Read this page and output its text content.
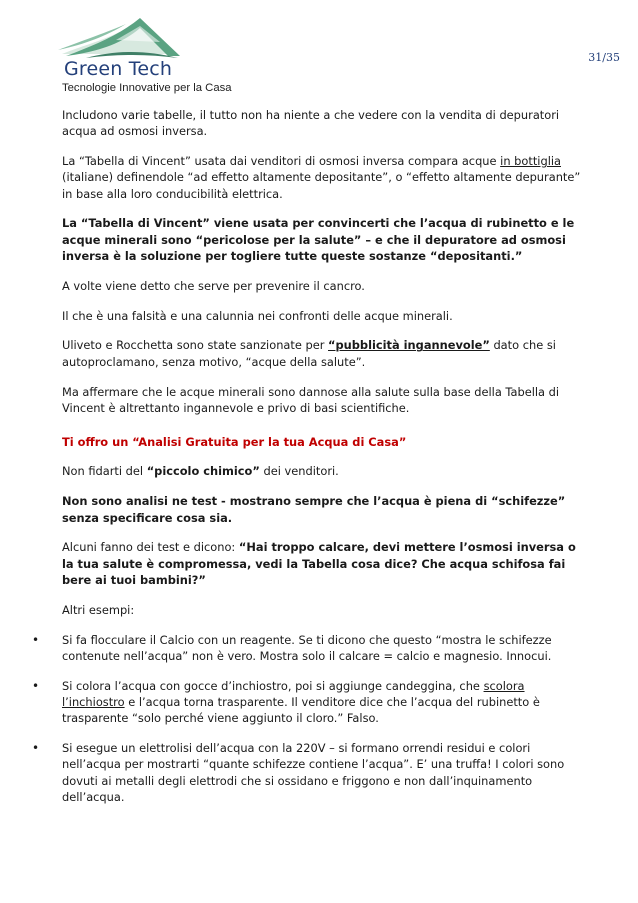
Green Tech
Tecnologie Innovative per la Casa
31/35

Includono varie tabelle, il tutto non ha niente a che vedere con la vendita di depuratori acqua ad osmosi inversa.

La “Tabella di Vincent” usata dai venditori di osmosi inversa compara acque in bottiglia (italiane) definendole “ad effetto altamente depositante”, o “effetto altamente depurante” in base alla loro conducibilità elettrica.

La “Tabella di Vincent” viene usata per convincerti che l’acqua di rubinetto e le acque minerali sono “pericolose per la salute” – e che il depuratore ad osmosi inversa è la soluzione per togliere tutte queste sostanze “depositanti.”

A volte viene detto che serve per prevenire il cancro.

Il che è una falsità e una calunnia nei confronti delle acque minerali.

Uliveto e Rocchetta sono state sanzionate per “pubblicità ingannevole” dato che si autoproclamano, senza motivo, “acque della salute”.

Ma affermare che le acque minerali sono dannose alla salute sulla base della Tabella di Vincent è altrettanto ingannevole e privo di basi scientifiche.

Ti offro un “Analisi Gratuita per la tua Acqua di Casa”

Non fidarti del “piccolo chimico” dei venditori.

Non sono analisi ne test - mostrano sempre che l’acqua è piena di “schifezze” senza specificare cosa sia.

Alcuni fanno dei test e dicono: “Hai troppo calcare, devi mettere l’osmosi inversa o la tua salute è compromessa, vedi la Tabella cosa dice? Che acqua schifosa fai bere ai tuoi bambini?”

Altri esempi:

• Si fa flocculare il Calcio con un reagente. Se ti dicono che questo “mostra le schifezze contenute nell’acqua” non è vero. Mostra solo il calcare = calcio e magnesio. Innocui.
• Si colora l’acqua con gocce d’inchiostro, poi si aggiunge candeggina, che scolora l’inchiostro e l’acqua torna trasparente. Il venditore dice che l’acqua del rubinetto è trasparente “solo perché viene aggiunto il cloro.” Falso.
• Si esegue un elettrolisi dell’acqua con la 220V – si formano orrendi residui e colori nell’acqua per mostrarti “quante schifezze contiene l’acqua”. E’ una truffa! I colori sono dovuti ai metalli degli elettrodi che si ossidano e friggono e non dall’inquinamento dell’acqua.
